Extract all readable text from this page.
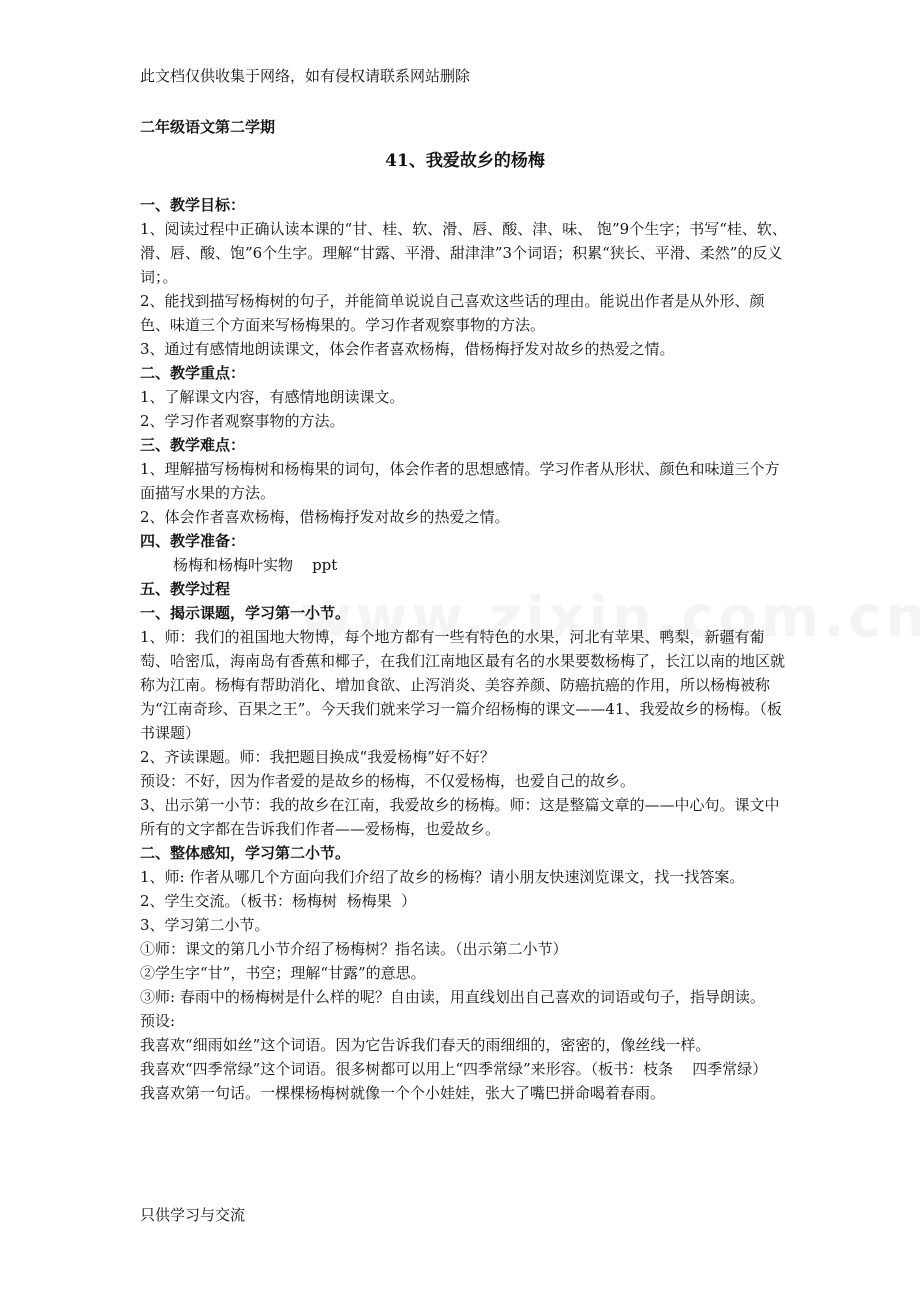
此文档仅供收集于网络，如有侵权请联系网站删除

二年级语文第二学期

41、我爱故乡的杨梅

一、教学目标：

1、阅读过程中正确认读本课的“甘、桂、软、滑、唇、酸、津、味、 饱”9个生字；书写“桂、软、滑、唇、酸、饱”6个生字。理解“甘露、平滑、甜津津”3个词语；积累“狭长、平滑、柔然”的反义词；。

2、能找到描写杨梅树的句子，并能简单说说自己喜欢这些话的理由。能说出作者是从外形、颜色、味道三个方面来写杨梅果的。学习作者观察事物的方法。

3、通过有感情地朗读课文，体会作者喜欢杨梅，借杨梅抒发对故乡的热爱之情。

二、教学重点：

1、了解课文内容，有感情地朗读课文。

2、学习作者观察事物的方法。

三、教学难点：

1、理解描写杨梅树和杨梅果的词句，体会作者的思想感情。学习作者从形状、颜色和味道三个方面描写水果的方法。

2、体会作者喜欢杨梅，借杨梅抒发对故乡的热爱之情。

四、教学准备：

杨梅和杨梅叶实物    ppt

五、教学过程

一、揭示课题，学习第一小节。

1、师：我们的祖国地大物博，每个地方都有一些有特色的水果，河北有苹果、鸭梨，新疆有葡萄、哈密瓜，海南岛有香蕉和椰子，在我们江南地区最有名的水果要数杨梅了，长江以南的地区就称为江南。杨梅有帮助消化、增加食欲、止泻消炎、美容养颜、防癌抗癌的作用，所以杨梅被称为“江南奇珍、百果之王”。今天我们就来学习一篇介绍杨梅的课文——41、我爱故乡的杨梅。（板书课题）

2、齐读课题。师：我把题目换成“我爱杨梅”好不好？

预设：不好，因为作者爱的是故乡的杨梅，不仅爱杨梅，也爱自己的故乡。

3、出示第一小节：我的故乡在江南，我爱故乡的杨梅。师：这是整篇文章的——中心句。课文中所有的文字都在告诉我们作者——爱杨梅，也爱故乡。

二、整体感知，学习第二小节。

1、师: 作者从哪几个方面向我们介绍了故乡的杨梅？请小朋友快速浏览课文，找一找答案。

2、学生交流。（板书：杨梅树  杨梅果  ）

3、学习第二小节。

①师：课文的第几小节介绍了杨梅树？指名读。（出示第二小节）

②学生字“甘”，书空；理解“甘露”的意思。

③师: 春雨中的杨梅树是什么样的呢？自由读，用直线划出自己喜欢的词语或句子，指导朗读。

预设:

我喜欢“细雨如丝”这个词语。因为它告诉我们春天的雨细细的，密密的，像丝线一样。

我喜欢“四季常绿”这个词语。很多树都可以用上“四季常绿”来形容。（板书：枝条    四季常绿）

我喜欢第一句话。一棵棵杨梅树就像一个个小娃娃，张大了嘴巴拼命喝着春雨。

只供学习与交流
